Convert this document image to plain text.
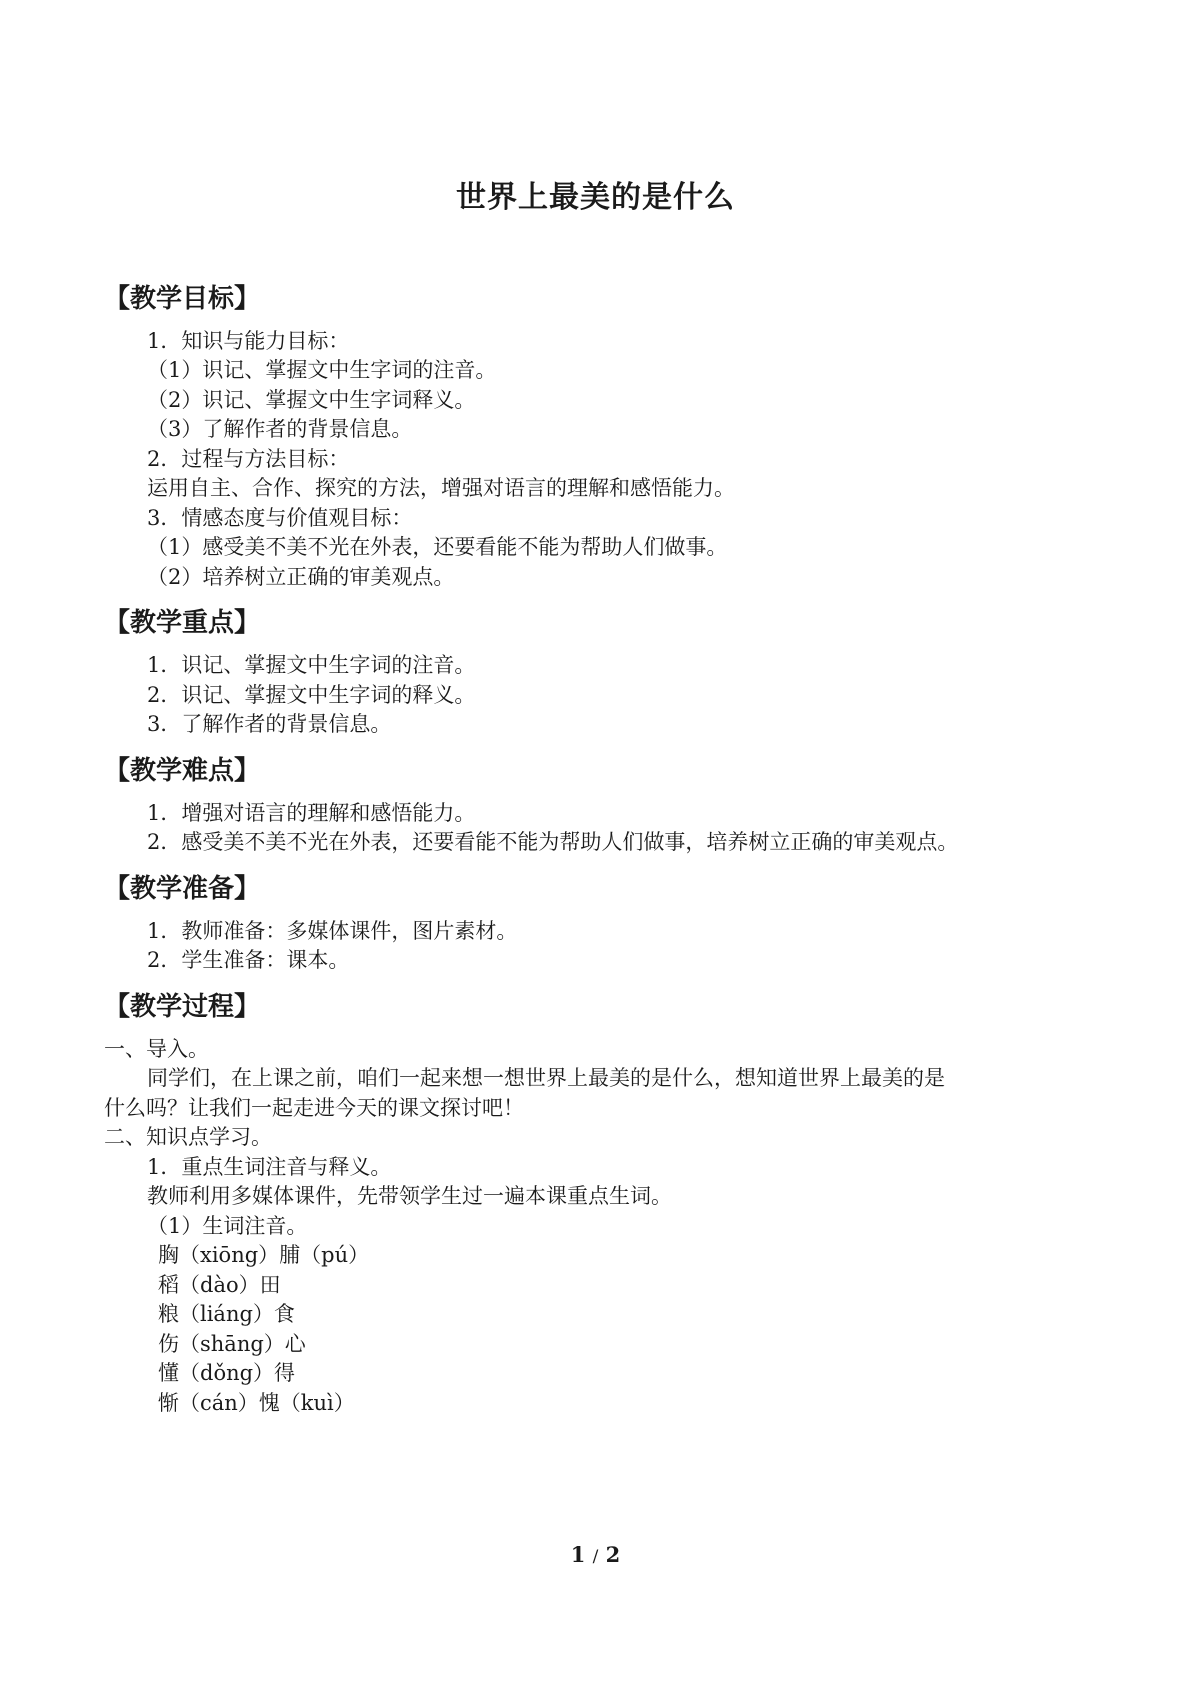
世界上最美的是什么
【教学目标】
1．知识与能力目标：
（1）识记、掌握文中生字词的注音。
（2）识记、掌握文中生字词释义。
（3）了解作者的背景信息。
2．过程与方法目标：
运用自主、合作、探究的方法，增强对语言的理解和感悟能力。
3．情感态度与价值观目标：
（1）感受美不美不光在外表，还要看能不能为帮助人们做事。
（2）培养树立正确的审美观点。
【教学重点】
1．识记、掌握文中生字词的注音。
2．识记、掌握文中生字词的释义。
3．了解作者的背景信息。
【教学难点】
1．增强对语言的理解和感悟能力。
2．感受美不美不光在外表，还要看能不能为帮助人们做事，培养树立正确的审美观点。
【教学准备】
1．教师准备：多媒体课件，图片素材。
2．学生准备：课本。
【教学过程】
一、导入。
同学们，在上课之前，咱们一起来想一想世界上最美的是什么，想知道世界上最美的是
什么吗？让我们一起走进今天的课文探讨吧！
二、知识点学习。
1．重点生词注音与释义。
教师利用多媒体课件，先带领学生过一遍本课重点生词。
（1）生词注音。
胸（xiōng）脯（pú）
稻（dào）田
粮（liáng）食
伤（shāng）心
懂（dǒng）得
惭（cán）愧（kuì）
1 / 2
